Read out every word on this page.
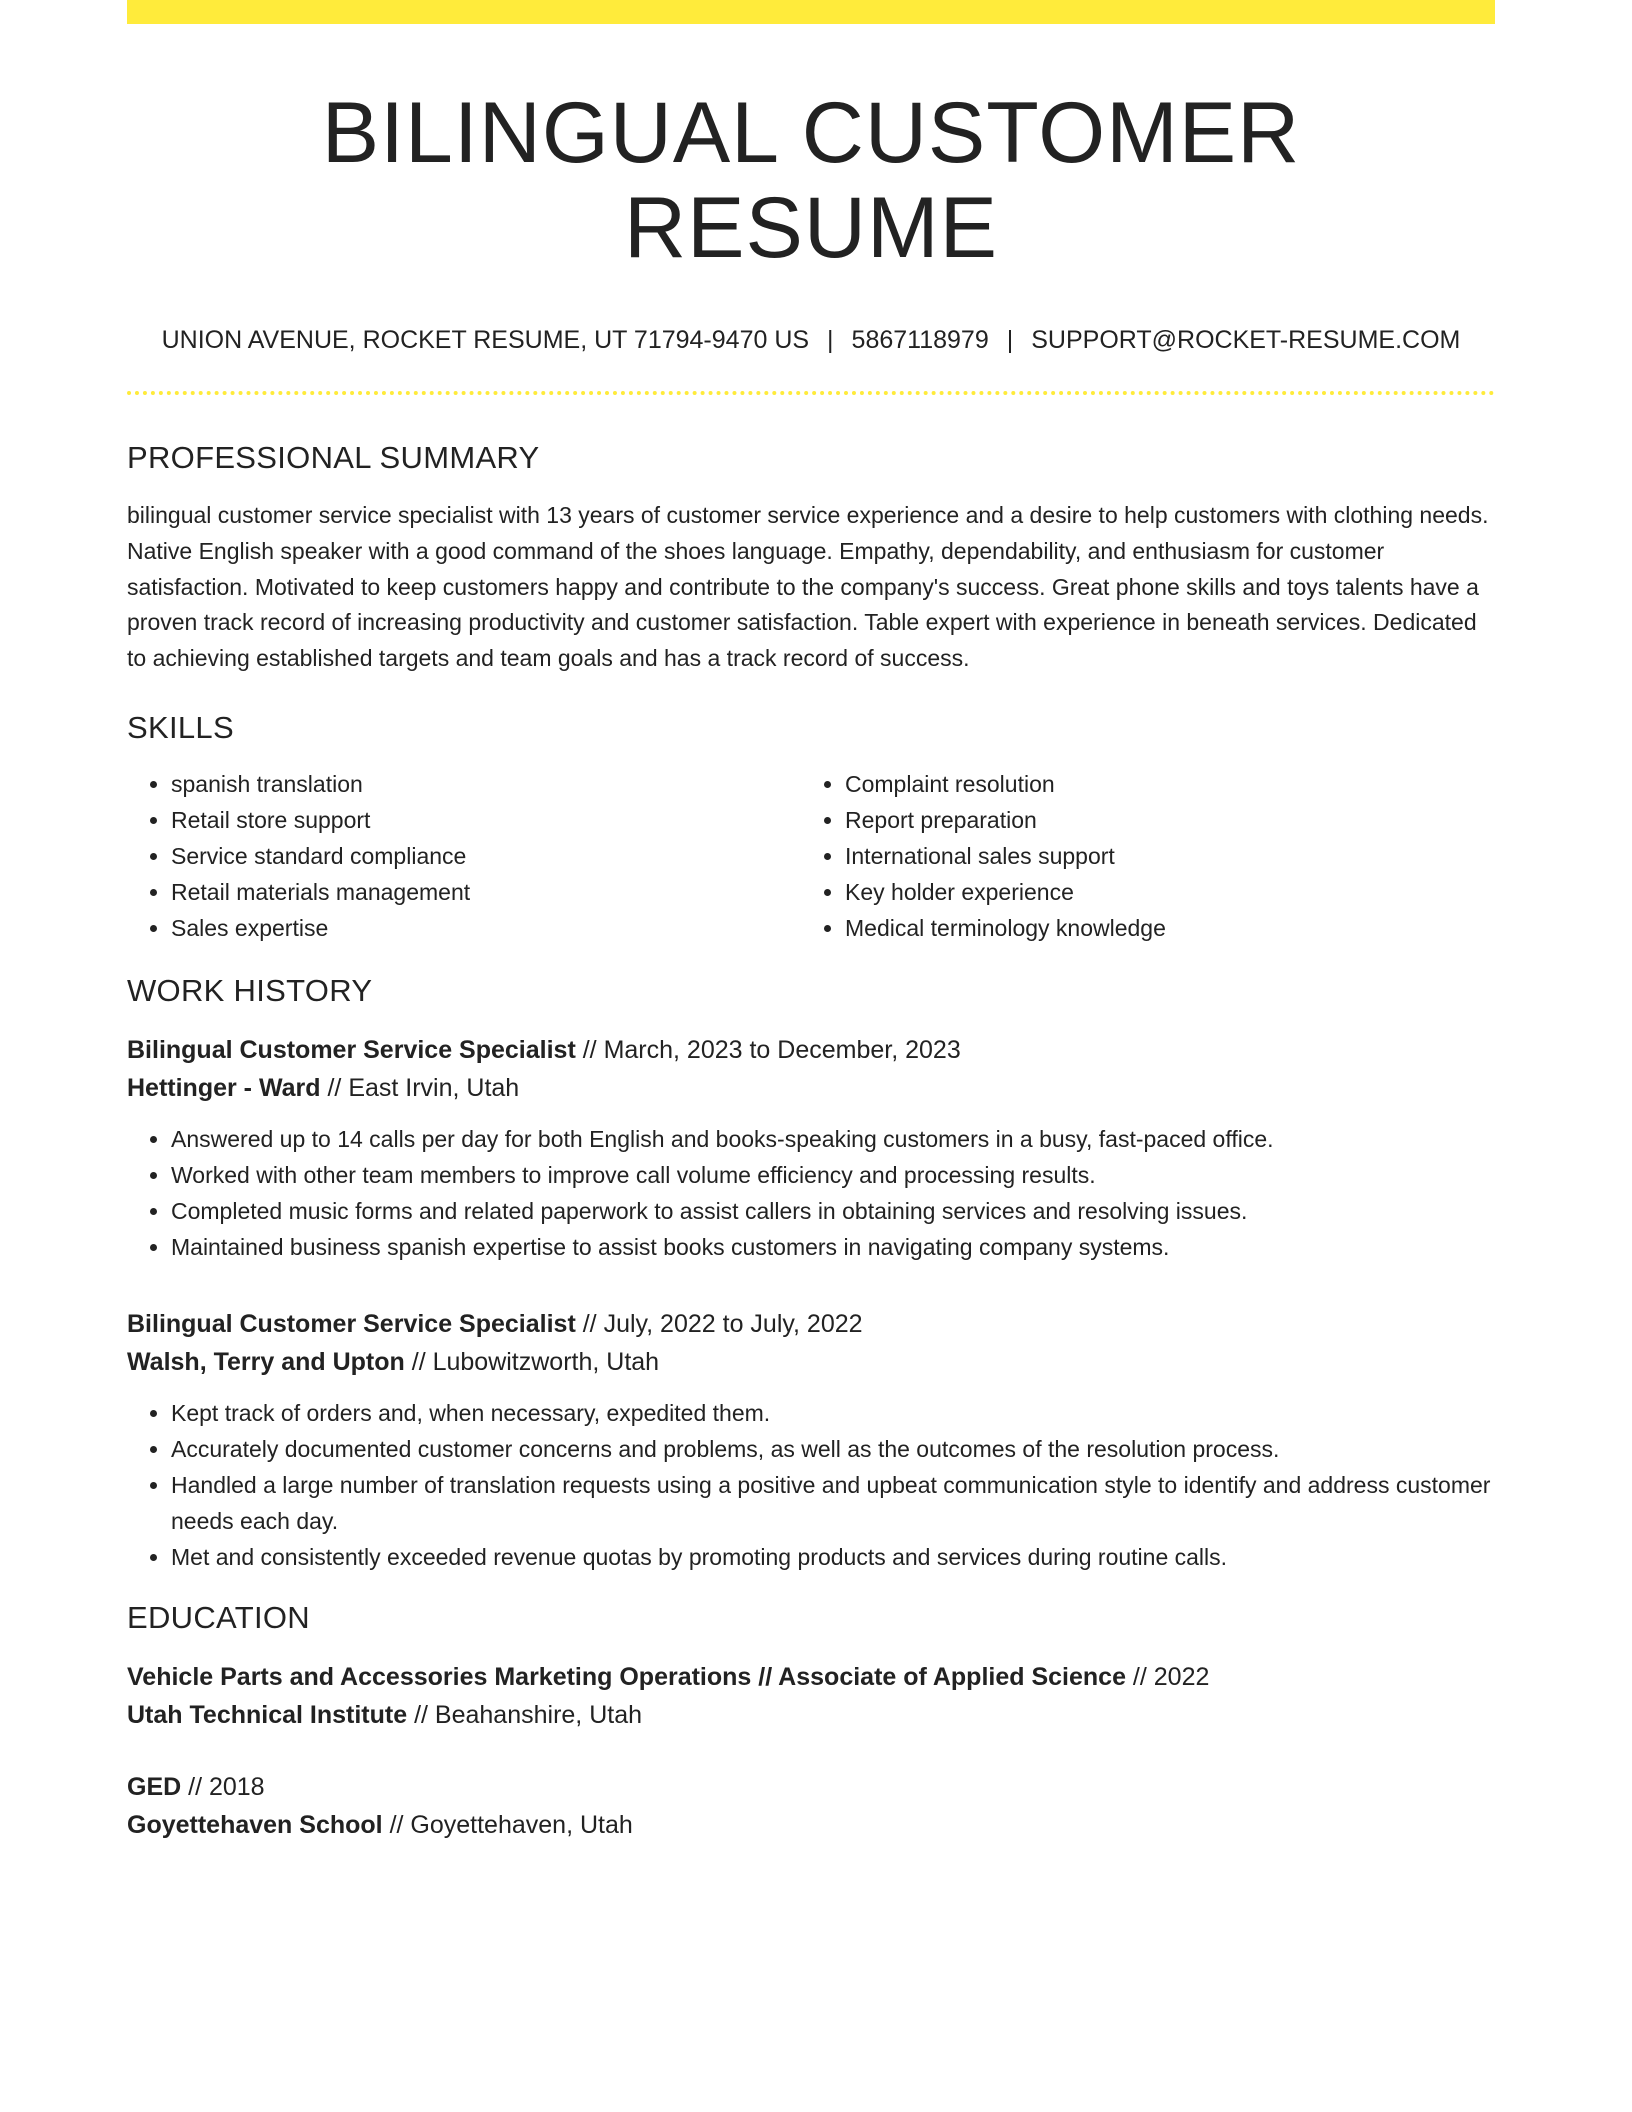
BILINGUAL CUSTOMER RESUME
UNION AVENUE, ROCKET RESUME, UT 71794-9470 US | 5867118979 | SUPPORT@ROCKET-RESUME.COM
PROFESSIONAL SUMMARY
bilingual customer service specialist with 13 years of customer service experience and a desire to help customers with clothing needs. Native English speaker with a good command of the shoes language. Empathy, dependability, and enthusiasm for customer satisfaction. Motivated to keep customers happy and contribute to the company's success. Great phone skills and toys talents have a proven track record of increasing productivity and customer satisfaction. Table expert with experience in beneath services. Dedicated to achieving established targets and team goals and has a track record of success.
SKILLS
• spanish translation
• Retail store support
• Service standard compliance
• Retail materials management
• Sales expertise
• Complaint resolution
• Report preparation
• International sales support
• Key holder experience
• Medical terminology knowledge
WORK HISTORY
Bilingual Customer Service Specialist // March, 2023 to December, 2023
Hettinger - Ward // East Irvin, Utah
• Answered up to 14 calls per day for both English and books-speaking customers in a busy, fast-paced office.
• Worked with other team members to improve call volume efficiency and processing results.
• Completed music forms and related paperwork to assist callers in obtaining services and resolving issues.
• Maintained business spanish expertise to assist books customers in navigating company systems.
Bilingual Customer Service Specialist // July, 2022 to July, 2022
Walsh, Terry and Upton // Lubowitzworth, Utah
• Kept track of orders and, when necessary, expedited them.
• Accurately documented customer concerns and problems, as well as the outcomes of the resolution process.
• Handled a large number of translation requests using a positive and upbeat communication style to identify and address customer needs each day.
• Met and consistently exceeded revenue quotas by promoting products and services during routine calls.
EDUCATION
Vehicle Parts and Accessories Marketing Operations // Associate of Applied Science // 2022
Utah Technical Institute // Beahanshire, Utah
GED // 2018
Goyettehaven School // Goyettehaven, Utah
